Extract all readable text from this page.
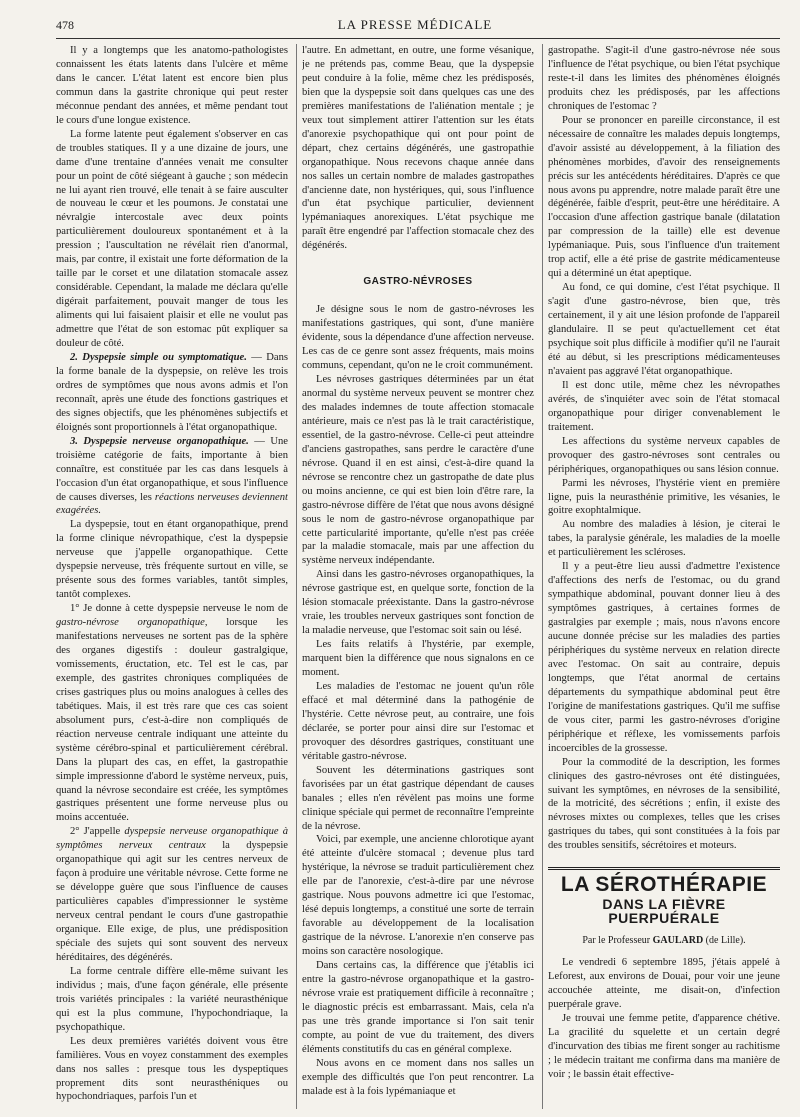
478	LA PRESSE MÉDICALE

Il y a longtemps que les anatomo-pathologistes connaissent les états latents dans l'ulcère et même dans le cancer. L'état latent est encore bien plus commun dans la gastrite chronique qui peut rester méconnue pendant des années, et même pendant tout le cours d'une longue existence.

La forme latente peut également s'observer en cas de troubles statiques. Il y a une dizaine de jours, une dame d'une trentaine d'années venait me consulter pour un point de côté siégeant à gauche ; son médecin ne lui ayant rien trouvé, elle tenait à se faire ausculter de nouveau le cœur et les poumons. Je constatai une névralgie intercostale avec deux points particulièrement douloureux spontanément et à la pression ; l'auscultation ne révélait rien d'anormal, mais, par contre, il existait une forte déformation de la taille par le corset et une dilatation stomacale assez considérable. Cependant, la malade me déclara qu'elle digérait parfaitement, pouvait manger de tous les aliments qui lui faisaient plaisir et elle ne voulut pas admettre que l'état de son estomac pût expliquer sa douleur de côté.

2. Dyspepsie simple ou symptomatique. — Dans la forme banale de la dyspepsie, on relève les trois ordres de symptômes que nous avons admis et l'on reconnaît, après une étude des fonctions gastriques et des signes objectifs, que les phénomènes subjectifs et éloignés sont proportionnels à l'état organopathique.

3. Dyspepsie nerveuse organopathique. — Une troisième catégorie de faits, importante à bien connaître, est constituée par les cas dans lesquels à l'occasion d'un état organopathique, et sous l'influence de causes diverses, les réactions nerveuses deviennent exagérées.

La dyspepsie, tout en étant organopathique, prend la forme clinique névropathique, c'est la dyspepsie nerveuse que j'appelle organopathique. Cette dyspepsie nerveuse, très fréquente surtout en ville, se présente sous des formes variables, tantôt simples, tantôt complexes.

1° Je donne à cette dyspepsie nerveuse le nom de gastro-névrose organopathique, lorsque les manifestations nerveuses ne sortent pas de la sphère des organes digestifs : douleur gastralgique, vomissements, éructation, etc. Tel est le cas, par exemple, des gastrites chroniques compliquées de crises gastriques plus ou moins analogues à celles des tabétiques. Mais, il est très rare que ces cas soient absolument purs, c'est-à-dire non compliqués de réaction nerveuse centrale indiquant une atteinte du système cérébro-spinal et particulièrement cérébral. Dans la plupart des cas, en effet, la gastropathie simple impressionne d'abord le système nerveux, puis, quand la névrose secondaire est créée, les symptômes gastriques présentent une forme nerveuse plus ou moins accentuée.

2° J'appelle dyspepsie nerveuse organopathique à symptômes nerveux centraux la dyspepsie organopathique qui agit sur les centres nerveux de façon à produire une véritable névrose. Cette forme ne se développe guère que sous l'influence de causes particulières capables d'impressionner le système nerveux central pendant le cours d'une gastropathie organique. Elle exige, de plus, une prédisposition spéciale des sujets qui sont souvent des nerveux héréditaires, des dégénérés.

La forme centrale diffère elle-même suivant les individus ; mais, d'une façon générale, elle présente trois variétés principales : la variété neurasthénique qui est la plus commune, l'hypochondriaque, la psychopathique.

Les deux premières variétés doivent vous être familières. Vous en voyez constamment des exemples dans nos salles : presque tous les dyspeptiques proprement dits sont neurasthéniques ou hypochondriaques, parfois l'un et

l'autre. En admettant, en outre, une forme vésanique, je ne prétends pas, comme Beau, que la dyspepsie peut conduire à la folie, même chez les prédisposés, bien que la dyspepsie soit dans quelques cas une des premières manifestations de l'aliénation mentale ; je veux tout simplement attirer l'attention sur les états d'anorexie psychopathique qui ont pour point de départ, chez certains dégénérés, une gastropathie organopathique. Nous recevons chaque année dans nos salles un certain nombre de malades gastropathes d'ancienne date, non hystériques, qui, sous l'influence d'un état psychique particulier, deviennent lypémaniaques anorexiques. L'état psychique me paraît être engendré par l'affection stomacale chez des dégénérés.

GASTRO-NÉVROSES

Je désigne sous le nom de gastro-névroses les manifestations gastriques, qui sont, d'une manière évidente, sous la dépendance d'une affection nerveuse. Les cas de ce genre sont assez fréquents, mais moins communs, cependant, qu'on ne le croit communément.

Les névroses gastriques déterminées par un état anormal du système nerveux peuvent se montrer chez des malades indemnes de toute affection stomacale antérieure, mais ce n'est pas là le trait caractéristique, essentiel, de la gastro-névrose. Celle-ci peut atteindre d'anciens gastropathes, sans perdre le caractère d'une névrose. Quand il en est ainsi, c'est-à-dire quand la névrose se rencontre chez un gastropathe de date plus ou moins ancienne, ce qui est bien loin d'être rare, la gastro-névrose diffère de l'état que nous avons désigné sous le nom de gastro-névrose organopathique par cette particularité importante, qu'elle n'est pas créée par la maladie stomacale, mais par une affection du système nerveux indépendante.

Ainsi dans les gastro-névroses organopathiques, la névrose gastrique est, en quelque sorte, fonction de la lésion stomacale préexistante. Dans la gastro-névrose vraie, les troubles nerveux gastriques sont fonction de la maladie nerveuse, que l'estomac soit sain ou lésé.

Les faits relatifs à l'hystérie, par exemple, marquent bien la différence que nous signalons en ce moment.

Les maladies de l'estomac ne jouent qu'un rôle effacé et mal déterminé dans la pathogénie de l'hystérie. Cette névrose peut, au contraire, une fois déclarée, se porter pour ainsi dire sur l'estomac et provoquer des désordres gastriques, constituant une véritable gastro-névrose.

Souvent les déterminations gastriques sont favorisées par un état gastrique dépendant de causes banales ; elles n'en révèlent pas moins une forme clinique spéciale qui permet de reconnaître l'empreinte de la névrose.

Voici, par exemple, une ancienne chlorotique ayant été atteinte d'ulcère stomacal ; devenue plus tard hystérique, la névrose se traduit particulièrement chez elle par de l'anorexie, c'est-à-dire par une névrose gastrique. Nous pouvons admettre ici que l'estomac, lésé depuis longtemps, a constitué une sorte de terrain favorable au développement de la localisation gastrique de la névrose. L'anorexie n'en conserve pas moins son caractère nosologique.

Dans certains cas, la différence que j'établis ici entre la gastro-névrose organopathique et la gastro-névrose vraie est pratiquement difficile à reconnaître ; le diagnostic précis est embarrassant. Mais, cela n'a pas une très grande importance si l'on sait tenir compte, au point de vue du traitement, des divers éléments constitutifs du cas en général complexe.

Nous avons en ce moment dans nos salles un exemple des difficultés que l'on peut rencontrer. La malade est à la fois lypémaniaque et

gastropathe. S'agit-il d'une gastro-névrose née sous l'influence de l'état psychique, ou bien l'état psychique reste-t-il dans les limites des phénomènes éloignés produits chez les prédisposés, par les affections chroniques de l'estomac ?

Pour se prononcer en pareille circonstance, il est nécessaire de connaître les malades depuis longtemps, d'avoir assisté au développement, à la filiation des phénomènes morbides, d'avoir des renseignements précis sur les antécédents héréditaires. D'après ce que nous avons pu apprendre, notre malade paraît être une dégénérée, faible d'esprit, peut-être une héréditaire. A l'occasion d'une affection gastrique banale (dilatation par compression de la taille) elle est devenue lypémaniaque. Puis, sous l'influence d'un traitement trop actif, elle a été prise de gastrite médicamenteuse qui a déterminé un état apeptique.

Au fond, ce qui domine, c'est l'état psychique. Il s'agit d'une gastro-névrose, bien que, très certainement, il y ait une lésion profonde de l'appareil glandulaire. Il se peut qu'actuellement cet état psychique soit plus difficile à modifier qu'il ne l'aurait été au début, si les prescriptions médicamenteuses n'avaient pas aggravé l'état organopathique.

Il est donc utile, même chez les névropathes avérés, de s'inquiéter avec soin de l'état stomacal organopathique pour diriger convenablement le traitement.

Les affections du système nerveux capables de provoquer des gastro-névroses sont centrales ou périphériques, organopathiques ou sans lésion connue.

Parmi les névroses, l'hystérie vient en première ligne, puis la neurasthénie primitive, les vésanies, le goitre exophtalmique.

Au nombre des maladies à lésion, je citerai le tabes, la paralysie générale, les maladies de la moelle et particulièrement les scléroses.

Il y a peut-être lieu aussi d'admettre l'existence d'affections des nerfs de l'estomac, ou du grand sympathique abdominal, pouvant donner lieu à des symptômes gastriques, à certaines formes de gastralgies par exemple ; mais, nous n'avons encore aucune donnée précise sur les maladies des parties périphériques du système nerveux en relation directe avec l'estomac. On sait au contraire, depuis longtemps, que l'état anormal de certains départements du sympathique abdominal peut être l'origine de manifestations gastriques. Qu'il me suffise de vous citer, parmi les gastro-névroses d'origine périphérique et réflexe, les vomissements parfois incoercibles de la grossesse.

Pour la commodité de la description, les formes cliniques des gastro-névroses ont été distinguées, suivant les symptômes, en névroses de la sensibilité, de la motricité, des sécrétions ; enfin, il existe des névroses mixtes ou complexes, telles que les crises gastriques du tabes, qui sont constituées à la fois par des troubles sensitifs, sécrétoires et moteurs.

LA SÉROTHÉRAPIE
DANS LA FIÈVRE PUERPUÉRALE
Par le Professeur GAULARD (de Lille).

Le vendredi 6 septembre 1895, j'étais appelé à Leforest, aux environs de Douai, pour voir une jeune accouchée atteinte, me disait-on, d'infection puerpérale grave.

Je trouvai une femme petite, d'apparence chétive. La gracilité du squelette et un certain degré d'incurvation des tibias me firent songer au rachitisme ; le médecin traitant me confirma dans ma manière de voir ; le bassin était effective-
